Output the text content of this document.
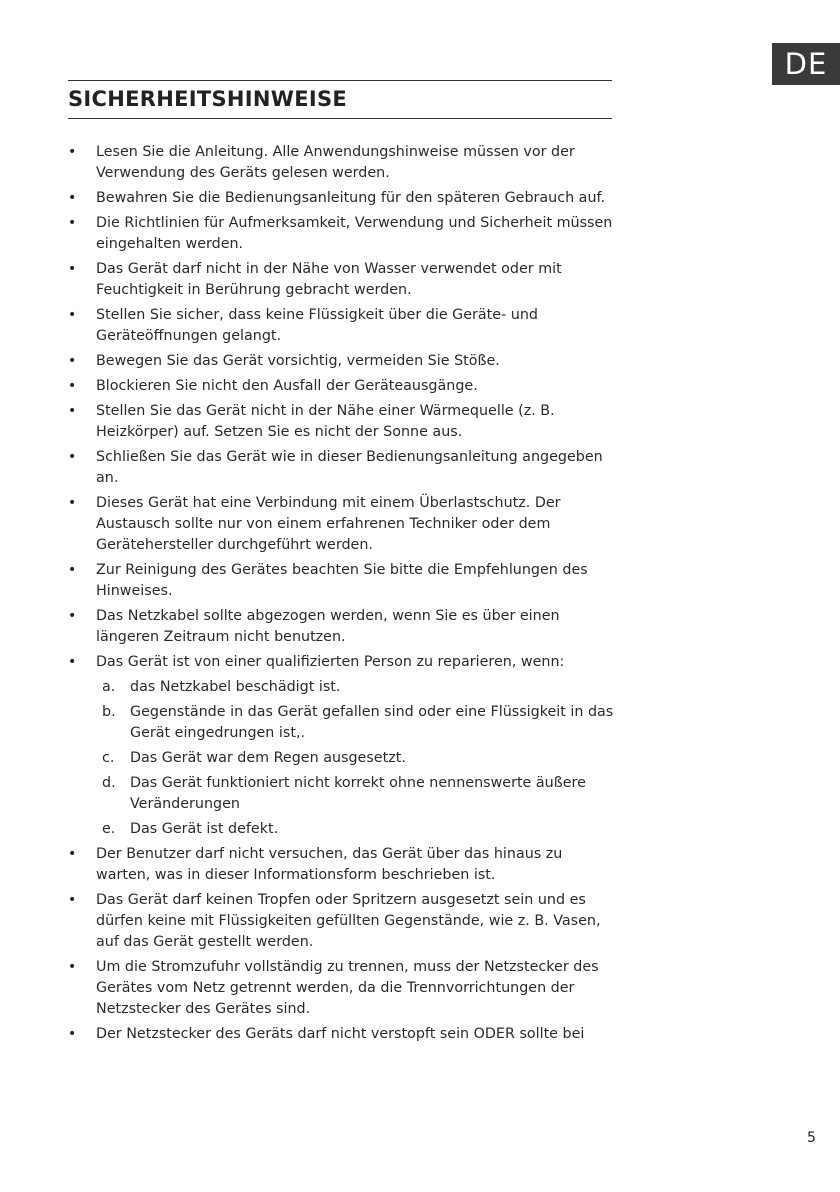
DE
SICHERHEITSHINWEISE
• Lesen Sie die Anleitung. Alle Anwendungshinweise müssen vor der Verwendung des Geräts gelesen werden.
• Bewahren Sie die Bedienungsanleitung für den späteren Gebrauch auf.
• Die Richtlinien für Aufmerksamkeit, Verwendung und Sicherheit müssen eingehalten werden.
• Das Gerät darf nicht in der Nähe von Wasser verwendet oder mit Feuchtigkeit in Berührung gebracht werden.
• Stellen Sie sicher, dass keine Flüssigkeit über die Geräte- und Geräteöffnungen gelangt.
• Bewegen Sie das Gerät vorsichtig, vermeiden Sie Stöße.
• Blockieren Sie nicht den Ausfall der Geräteausgänge.
• Stellen Sie das Gerät nicht in der Nähe einer Wärmequelle (z. B. Heizkörper) auf. Setzen Sie es nicht der Sonne aus.
• Schließen Sie das Gerät wie in dieser Bedienungsanleitung angegeben an.
• Dieses Gerät hat eine Verbindung mit einem Überlastschutz. Der Austausch sollte nur von einem erfahrenen Techniker oder dem Gerätehersteller durchgeführt werden.
• Zur Reinigung des Gerätes beachten Sie bitte die Empfehlungen des Hinweises.
• Das Netzkabel sollte abgezogen werden, wenn Sie es über einen längeren Zeitraum nicht benutzen.
• Das Gerät ist von einer qualifizierten Person zu reparieren, wenn:
a. das Netzkabel beschädigt ist.
b. Gegenstände in das Gerät gefallen sind oder eine Flüssigkeit in das Gerät eingedrungen ist,.
c. Das Gerät war dem Regen ausgesetzt.
d. Das Gerät funktioniert nicht korrekt ohne nennenswerte äußere Veränderungen
e. Das Gerät ist defekt.
• Der Benutzer darf nicht versuchen, das Gerät über das hinaus zu warten, was in dieser Informationsform beschrieben ist.
• Das Gerät darf keinen Tropfen oder Spritzern ausgesetzt sein und es dürfen keine mit Flüssigkeiten gefüllten Gegenstände, wie z. B. Vasen, auf das Gerät gestellt werden.
• Um die Stromzufuhr vollständig zu trennen, muss der Netzstecker des Gerätes vom Netz getrennt werden, da die Trennvorrichtungen der Netzstecker des Gerätes sind.
• Der Netzstecker des Geräts darf nicht verstopft sein ODER sollte bei
5
